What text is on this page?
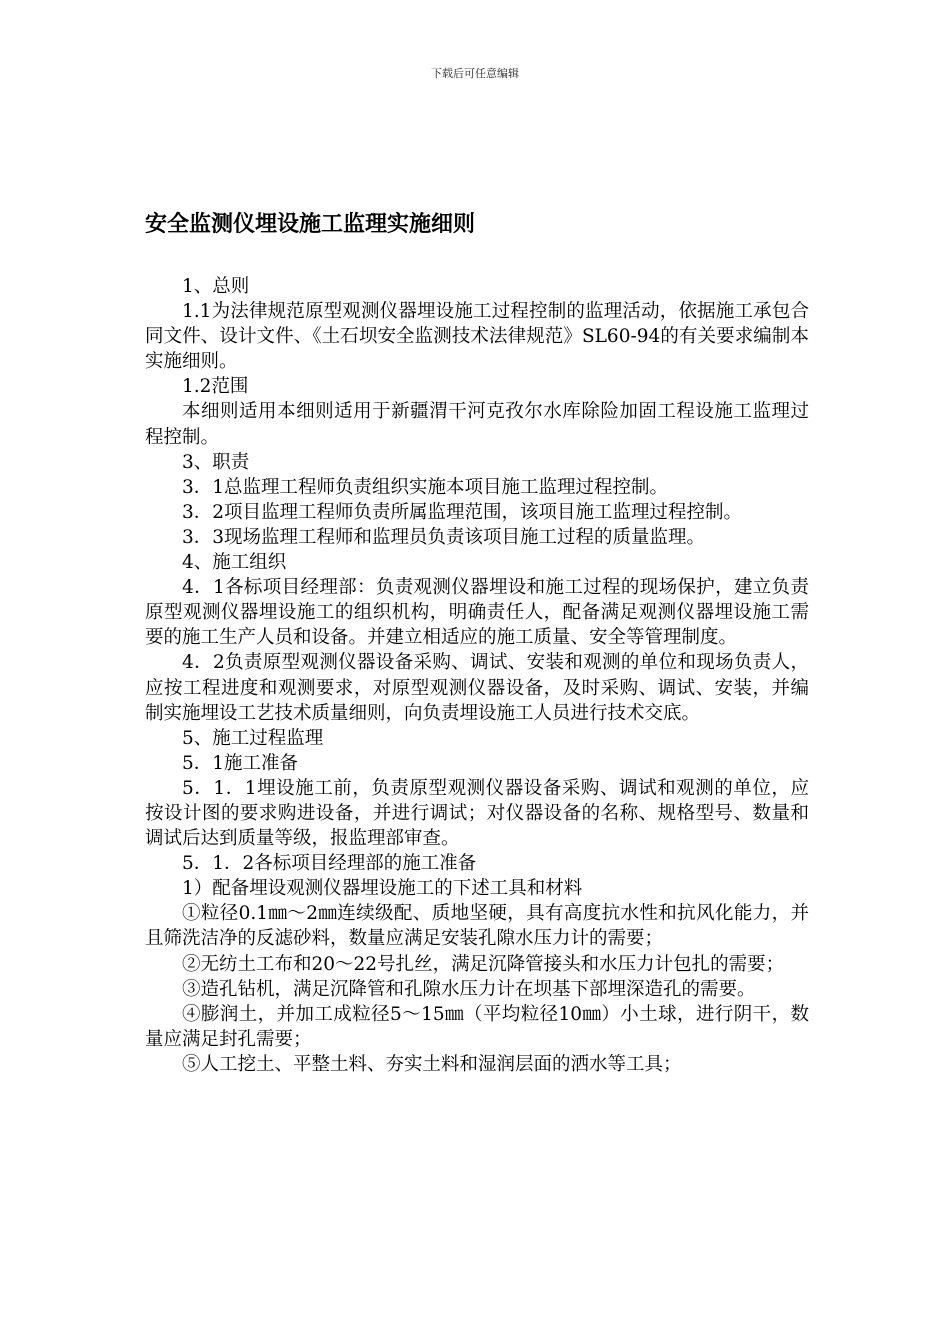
下载后可任意编辑
安全监测仪埋设施工监理实施细则

1、总则

1.1为法律规范原型观测仪器埋设施工过程控制的监理活动，依据施工承包合同文件、设计文件、《土石坝安全监测技术法律规范》SL60-94的有关要求编制本实施细则。

1.2范围

本细则适用本细则适用于新疆渭干河克孜尔水库除险加固工程设施工监理过程控制。

3、职责

3．1总监理工程师负责组织实施本项目施工监理过程控制。

3．2项目监理工程师负责所属监理范围，该项目施工监理过程控制。

3．3现场监理工程师和监理员负责该项目施工过程的质量监理。

4、施工组织

4．1各标项目经理部：负责观测仪器埋设和施工过程的现场保护，建立负责原型观测仪器埋设施工的组织机构，明确责任人，配备满足观测仪器埋设施工需要的施工生产人员和设备。并建立相适应的施工质量、安全等管理制度。

4．2负责原型观测仪器设备采购、调试、安装和观测的单位和现场负责人，应按工程进度和观测要求，对原型观测仪器设备，及时采购、调试、安装，并编制实施埋设工艺技术质量细则，向负责埋设施工人员进行技术交底。

5、施工过程监理

5．1施工准备

5．1．1埋设施工前，负责原型观测仪器设备采购、调试和观测的单位，应按设计图的要求购进设备，并进行调试；对仪器设备的名称、规格型号、数量和调试后达到质量等级，报监理部审查。

5．1．2各标项目经理部的施工准备

1）配备埋设观测仪器埋设施工的下述工具和材料

①粒径0.1㎜～2㎜连续级配、质地坚硬，具有高度抗水性和抗风化能力，并且筛洗洁净的反滤砂料，数量应满足安装孔隙水压力计的需要；

②无纺土工布和20～22号扎丝，满足沉降管接头和水压力计包扎的需要；

③造孔钻机，满足沉降管和孔隙水压力计在坝基下部埋深造孔的需要。

④膨润土，并加工成粒径5～15㎜（平均粒径10㎜）小土球，进行阴干，数量应满足封孔需要；

⑤人工挖土、平整土料、夯实土料和湿润层面的洒水等工具；
